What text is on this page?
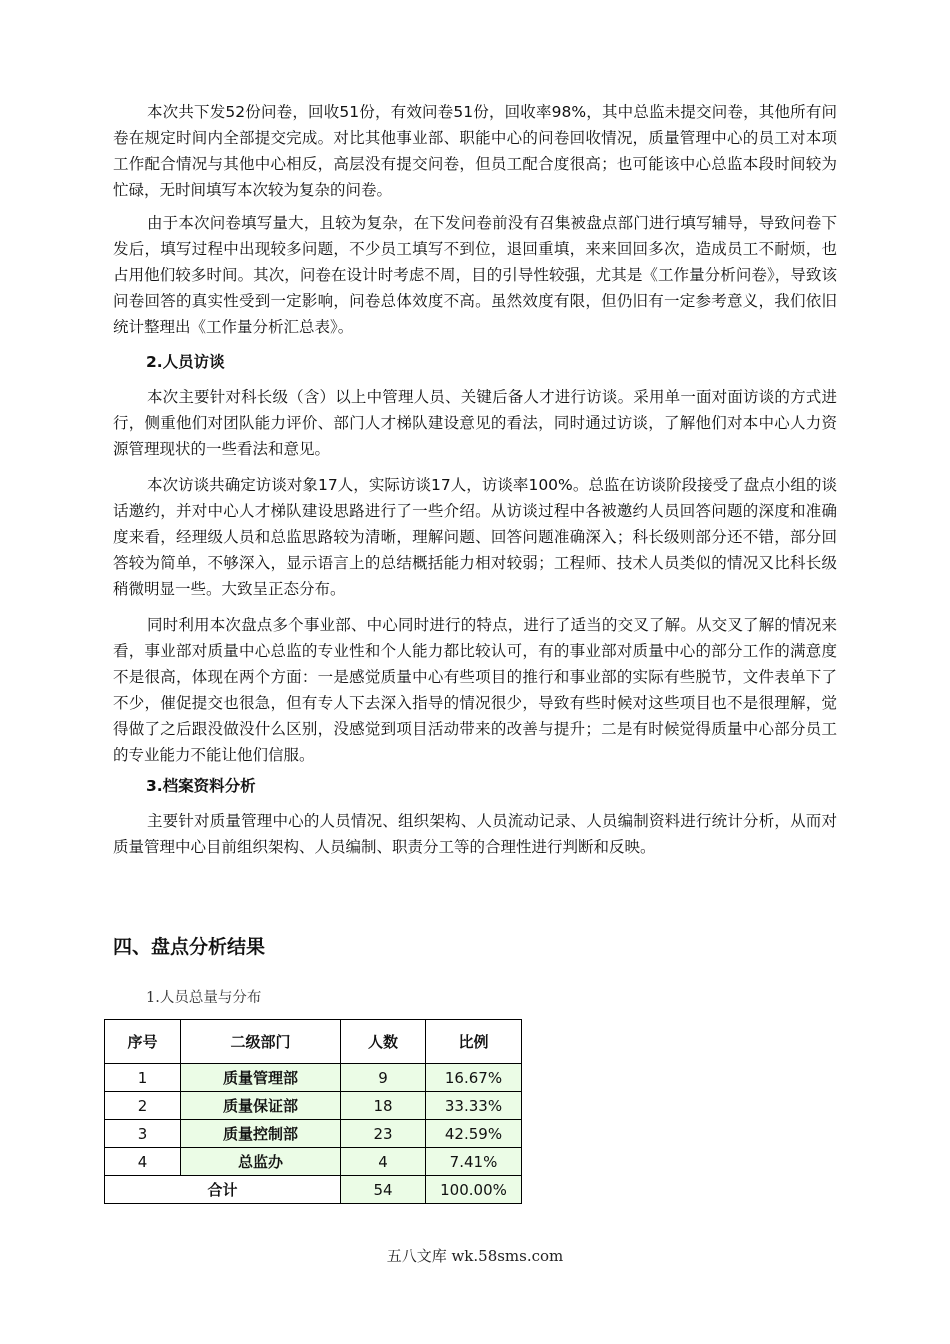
本次共下发52份问卷，回收51份，有效问卷51份，回收率98%，其中总监未提交问卷，其他所有问卷在规定时间内全部提交完成。对比其他事业部、职能中心的问卷回收情况，质量管理中心的员工对本项工作配合情况与其他中心相反，高层没有提交问卷，但员工配合度很高；也可能该中心总监本段时间较为忙碌，无时间填写本次较为复杂的问卷。

由于本次问卷填写量大，且较为复杂，在下发问卷前没有召集被盘点部门进行填写辅导，导致问卷下发后，填写过程中出现较多问题，不少员工填写不到位，退回重填，来来回回多次，造成员工不耐烦，也占用他们较多时间。其次，问卷在设计时考虑不周，目的引导性较强，尤其是《工作量分析问卷》，导致该问卷回答的真实性受到一定影响，问卷总体效度不高。虽然效度有限，但仍旧有一定参考意义，我们依旧统计整理出《工作量分析汇总表》。

2.人员访谈

本次主要针对科长级（含）以上中管理人员、关键后备人才进行访谈。采用单一面对面访谈的方式进行，侧重他们对团队能力评价、部门人才梯队建设意见的看法，同时通过访谈，了解他们对本中心人力资源管理现状的一些看法和意见。

本次访谈共确定访谈对象17人，实际访谈17人，访谈率100%。总监在访谈阶段接受了盘点小组的谈话邀约，并对中心人才梯队建设思路进行了一些介绍。从访谈过程中各被邀约人员回答问题的深度和准确度来看，经理级人员和总监思路较为清晰，理解问题、回答问题准确深入；科长级则部分还不错，部分回答较为简单，不够深入，显示语言上的总结概括能力相对较弱；工程师、技术人员类似的情况又比科长级稍微明显一些。大致呈正态分布。

同时利用本次盘点多个事业部、中心同时进行的特点，进行了适当的交叉了解。从交叉了解的情况来看，事业部对质量中心总监的专业性和个人能力都比较认可，有的事业部对质量中心的部分工作的满意度不是很高，体现在两个方面：一是感觉质量中心有些项目的推行和事业部的实际有些脱节，文件表单下了不少，催促提交也很急，但有专人下去深入指导的情况很少，导致有些时候对这些项目也不是很理解，觉得做了之后跟没做没什么区别，没感觉到项目活动带来的改善与提升；二是有时候觉得质量中心部分员工的专业能力不能让他们信服。

3.档案资料分析

主要针对质量管理中心的人员情况、组织架构、人员流动记录、人员编制资料进行统计分析，从而对质量管理中心目前组织架构、人员编制、职责分工等的合理性进行判断和反映。

四、盘点分析结果

1.人员总量与分布

序号	二级部门	人数	比例
1	质量管理部	9	16.67%
2	质量保证部	18	33.33%
3	质量控制部	23	42.59%
4	总监办	4	7.41%
合计		54	100.00%

五八文库 wk.58sms.com
